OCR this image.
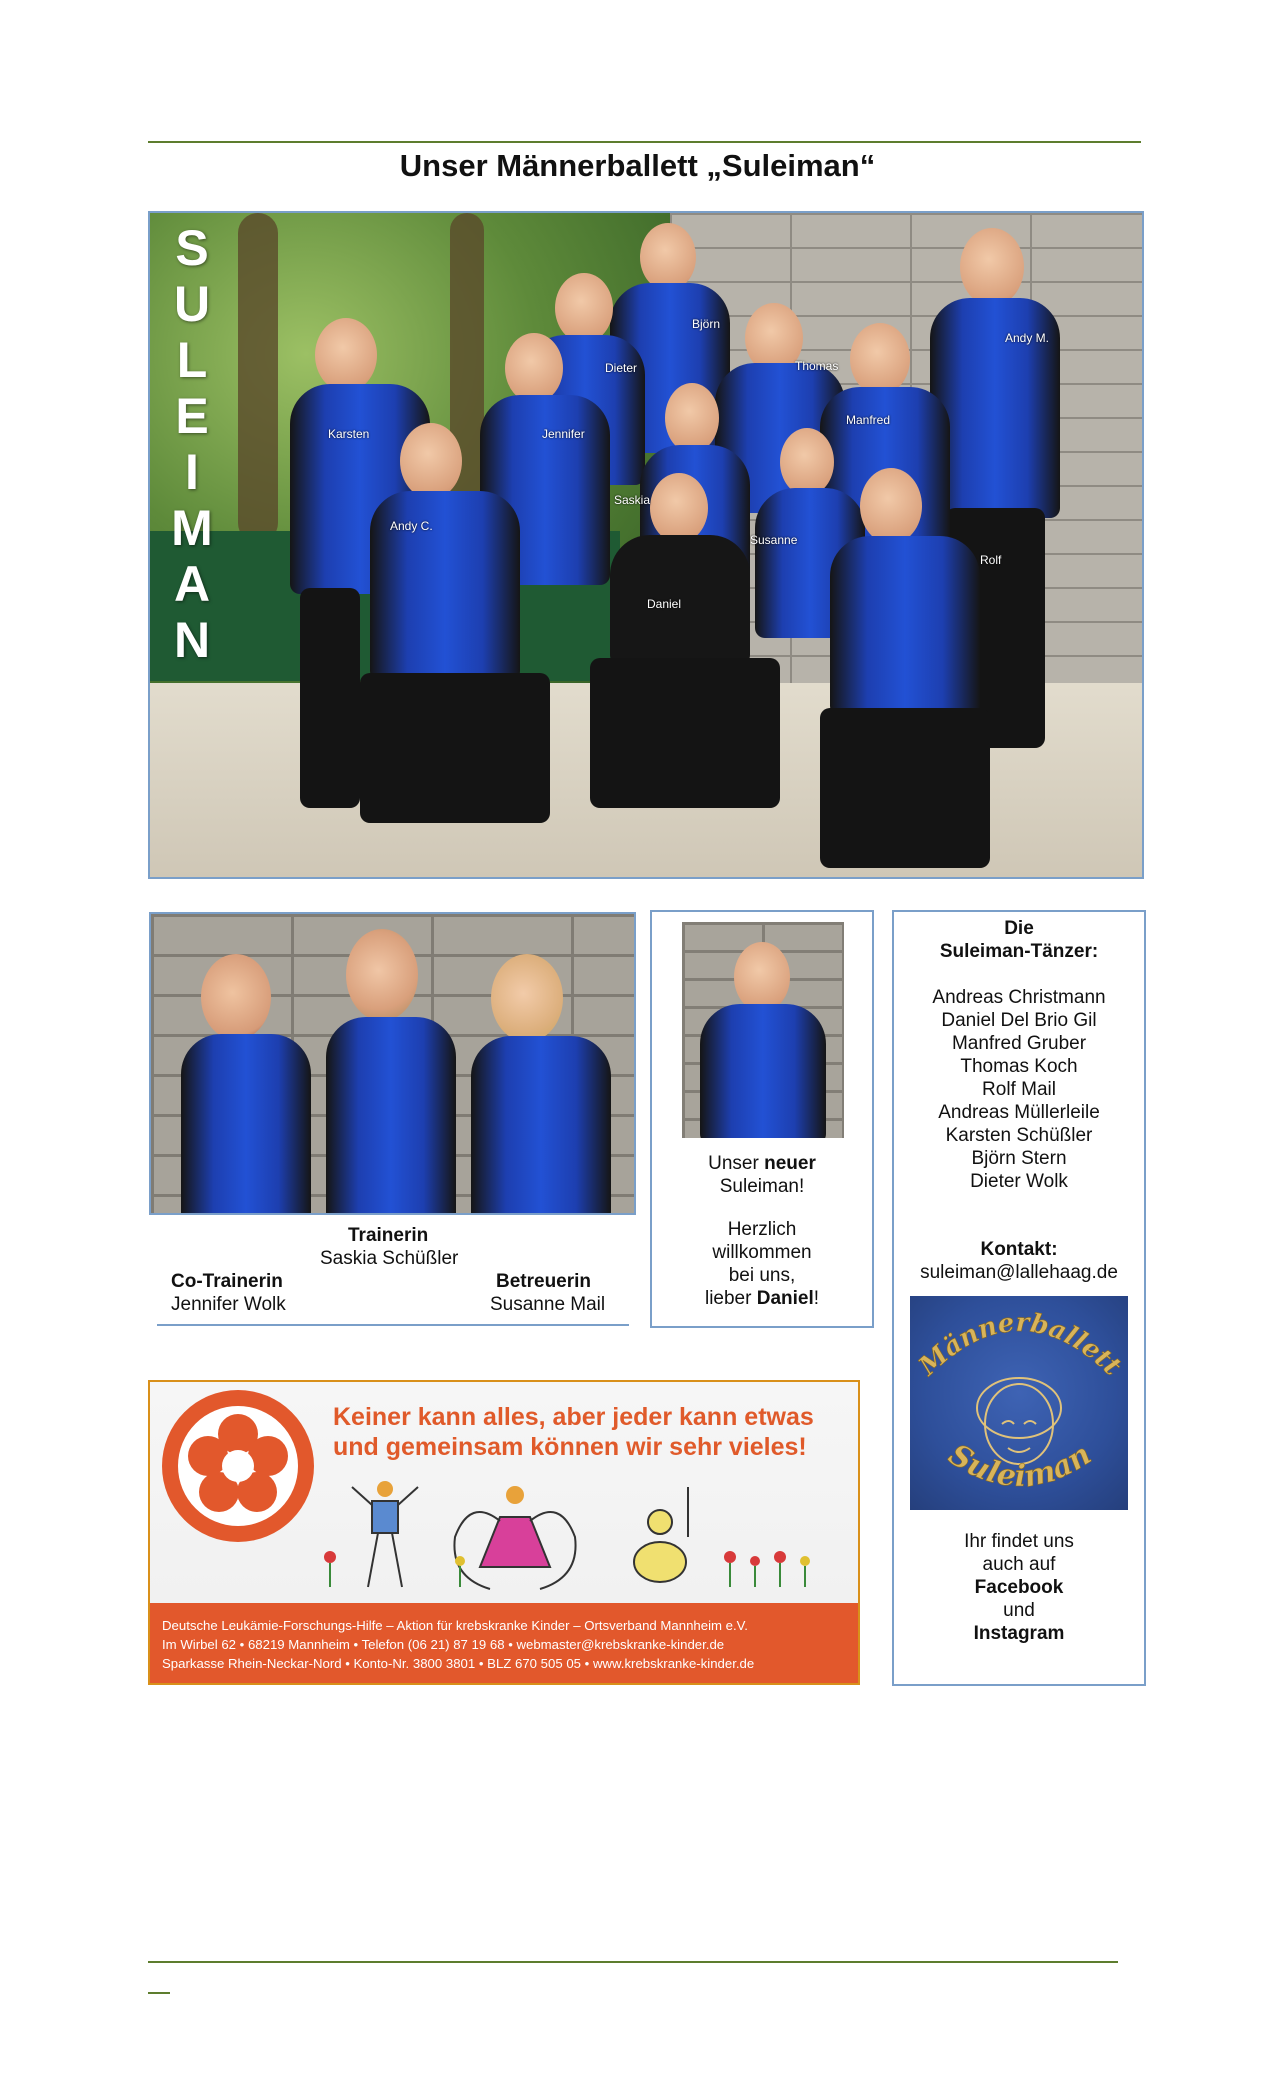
Unser Männerballett „Suleiman“
S
U
L
E
I
M
A
N
Björn
Andy M.
Dieter	Thomas
Karsten	Jennifer
Manfred
Saskia
Andy C.
Susanne
Rolf
Daniel
Trainerin
Saskia Schüßler
Co-Trainerin
Jennifer Wolk
Betreuerin
Susanne Mail
Unser neuer
Suleiman!
Herzlich
willkommen
bei uns,
lieber Daniel!
Die
Suleiman-Tänzer:
Andreas Christmann
Daniel Del Brio Gil
Manfred Gruber
Thomas Koch
Rolf Mail
Andreas Müllerleile
Karsten Schüßler
Björn Stern
Dieter Wolk
Kontakt:
suleiman@lallehaag.de
Männerballett
Suleiman
Ihr findet uns
auch auf
Facebook
und
Instagram
Keiner kann alles, aber jeder kann etwas
und gemeinsam können wir sehr vieles!
Deutsche Leukämie-Forschungs-Hilfe – Aktion für krebskranke Kinder – Ortsverband Mannheim e.V.
Im Wirbel 62 • 68219 Mannheim • Telefon (06 21) 87 19 68 • webmaster@krebskranke-kinder.de
Sparkasse Rhein-Neckar-Nord • Konto-Nr. 3800 3801 • BLZ 670 505 05 • www.krebskranke-kinder.de
